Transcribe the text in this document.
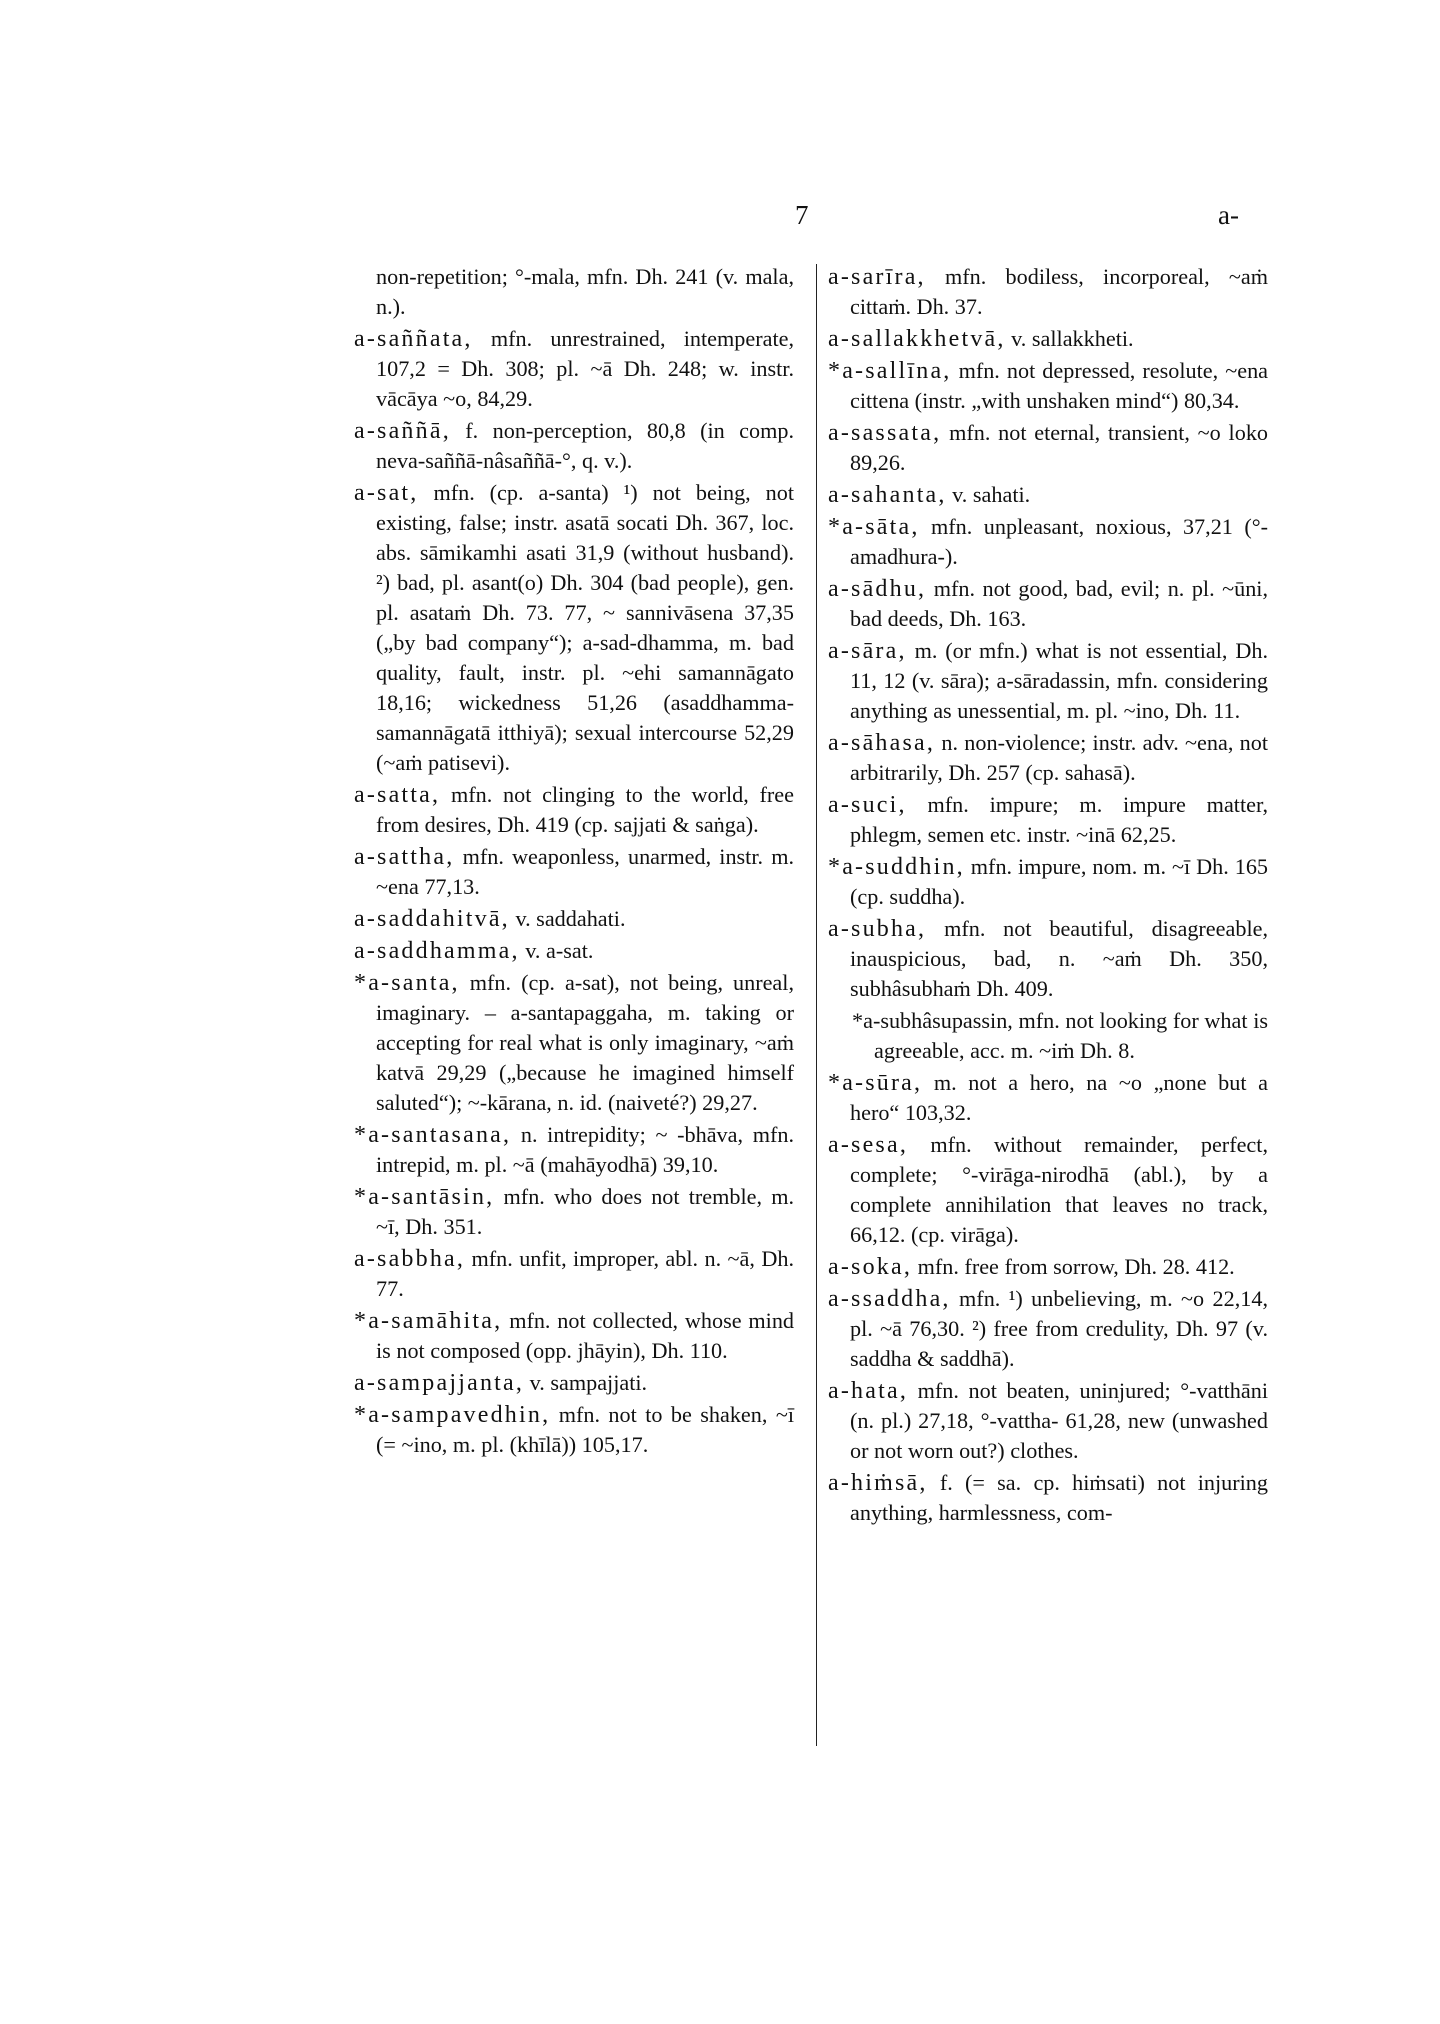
7	a-

non-repetition; °-mala, mfn. Dh. 241 (v. mala, n.).

a-saññata, mfn. unrestrained, intemperate, 107,2 = Dh. 308; pl. ~ā Dh. 248; w. instr. vācāya ~o, 84,29.

a-saññā, f. non-perception, 80,8 (in comp. neva-saññā-nâsaññā-°, q. v.).

a-sat, mfn. (cp. a-santa) ¹) not being, not existing, false; instr. asatā socati Dh. 367, loc. abs. sāmikamhi asati 31,9 (without husband). ²) bad, pl. asant(o) Dh. 304 (bad people), gen. pl. asataṁ Dh. 73. 77, ~ sannivāsena 37,35 („by bad company“); a-sad-dhamma, m. bad quality, fault, instr. pl. ~ehi samannāgato 18,16; wickedness 51,26 (asaddhamma-samannāgatā itthiyā); sexual intercourse 52,29 (~aṁ patisevi).

a-satta, mfn. not clinging to the world, free from desires, Dh. 419 (cp. sajjati & saṅga).

a-sattha, mfn. weaponless, unarmed, instr. m. ~ena 77,13.

a-saddahitvā, v. saddahati.

a-saddhamma, v. a-sat.

*a-santa, mfn. (cp. a-sat), not being, unreal, imaginary. – a-santapaggaha, m. taking or accepting for real what is only imaginary, ~aṁ katvā 29,29 („because he imagined himself saluted“); ~-kārana, n. id. (naiveté?) 29,27.

*a-santasana, n. intrepidity; ~ -bhāva, mfn. intrepid, m. pl. ~ā (mahāyodhā) 39,10.

*a-santāsin, mfn. who does not tremble, m. ~ī, Dh. 351.

a-sabbha, mfn. unfit, improper, abl. n. ~ā, Dh. 77.

*a-samāhita, mfn. not collected, whose mind is not composed (opp. jhāyin), Dh. 110.

a-sampajjanta, v. sampajjati.

*a-sampavedhin, mfn. not to be shaken, ~ī (= ~ino, m. pl. (khīlā)) 105,17.

a-sarīra, mfn. bodiless, incorporeal, ~aṁ cittaṁ. Dh. 37.

a-sallakkhetvā, v. sallakkheti.

*a-sallīna, mfn. not depressed, resolute, ~ena cittena (instr. „with unshaken mind“) 80,34.

a-sassata, mfn. not eternal, transient, ~o loko 89,26.

a-sahanta, v. sahati.

*a-sāta, mfn. unpleasant, noxious, 37,21 (°-amadhura-).

a-sādhu, mfn. not good, bad, evil; n. pl. ~ūni, bad deeds, Dh. 163.

a-sāra, m. (or mfn.) what is not essential, Dh. 11, 12 (v. sāra); a-sāradassin, mfn. considering anything as unessential, m. pl. ~ino, Dh. 11.

a-sāhasa, n. non-violence; instr. adv. ~ena, not arbitrarily, Dh. 257 (cp. sahasā).

a-suci, mfn. impure; m. impure matter, phlegm, semen etc. instr. ~inā 62,25.

*a-suddhin, mfn. impure, nom. m. ~ī Dh. 165 (cp. suddha).

a-subha, mfn. not beautiful, disagreeable, inauspicious, bad, n. ~aṁ Dh. 350, subhâsubhaṁ Dh. 409.

*a-subhâsupassin, mfn. not looking for what is agreeable, acc. m. ~iṁ Dh. 8.

*a-sūra, m. not a hero, na ~o „none but a hero“ 103,32.

a-sesa, mfn. without remainder, perfect, complete; °-virāga-nirodhā (abl.), by a complete annihilation that leaves no track, 66,12. (cp. virāga).

a-soka, mfn. free from sorrow, Dh. 28. 412.

a-ssaddha, mfn. ¹) unbelieving, m. ~o 22,14, pl. ~ā 76,30. ²) free from credulity, Dh. 97 (v. saddha & saddhā).

a-hata, mfn. not beaten, uninjured; °-vatthāni (n. pl.) 27,18, °-vattha- 61,28, new (unwashed or not worn out?) clothes.

a-hiṁsā, f. (= sa. cp. hiṁsati) not injuring anything, harmlessness, com-
